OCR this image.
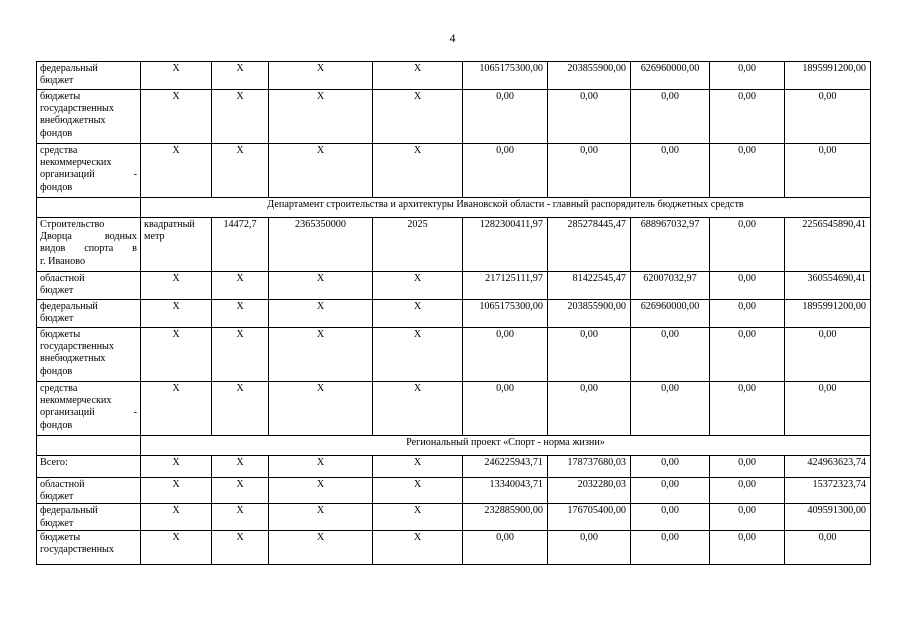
4
федеральный
бюджет	Х	Х	Х	Х	1065175300,00	203855900,00	626960000,00	0,00	1895991200,00

бюджеты
государственных
внебюджетных
фондов	Х	Х	Х	Х	0,00	0,00	0,00	0,00	0,00

средства
некоммерческих
организаций -
фондов	Х	Х	Х	Х	0,00	0,00	0,00	0,00	0,00
	Департамент строительства и архитектуры Ивановской области - главный распорядитель бюджетных средств								

Строительство
Дворца водных
видов спорта в
г. Иваново	квадратный метр	14472,7	2365350000	2025	1282300411,97	285278445,47	688967032,97	0,00	2256545890,41

областной
бюджет	Х	Х	Х	Х	217125111,97	81422545,47	62007032,97	0,00	360554690,41

федеральный
бюджет	Х	Х	Х	Х	1065175300,00	203855900,00	626960000,00	0,00	1895991200,00

бюджеты
государственных
внебюджетных
фондов	Х	Х	Х	Х	0,00	0,00	0,00	0,00	0,00

средства
некоммерческих
организаций -
фондов	Х	Х	Х	Х	0,00	0,00	0,00	0,00	0,00
	Региональный проект «Спорт - норма жизни»								

Всего:	Х	Х	Х	Х	246225943,71	178737680,03	0,00	0,00	424963623,74

областной
бюджет	Х	Х	Х	Х	13340043,71	2032280,03	0,00	0,00	15372323,74

федеральный
бюджет	Х	Х	Х	Х	232885900,00	176705400,00	0,00	0,00	409591300,00

бюджеты
государственных	Х	Х	Х	Х	0,00	0,00	0,00	0,00	0,00
